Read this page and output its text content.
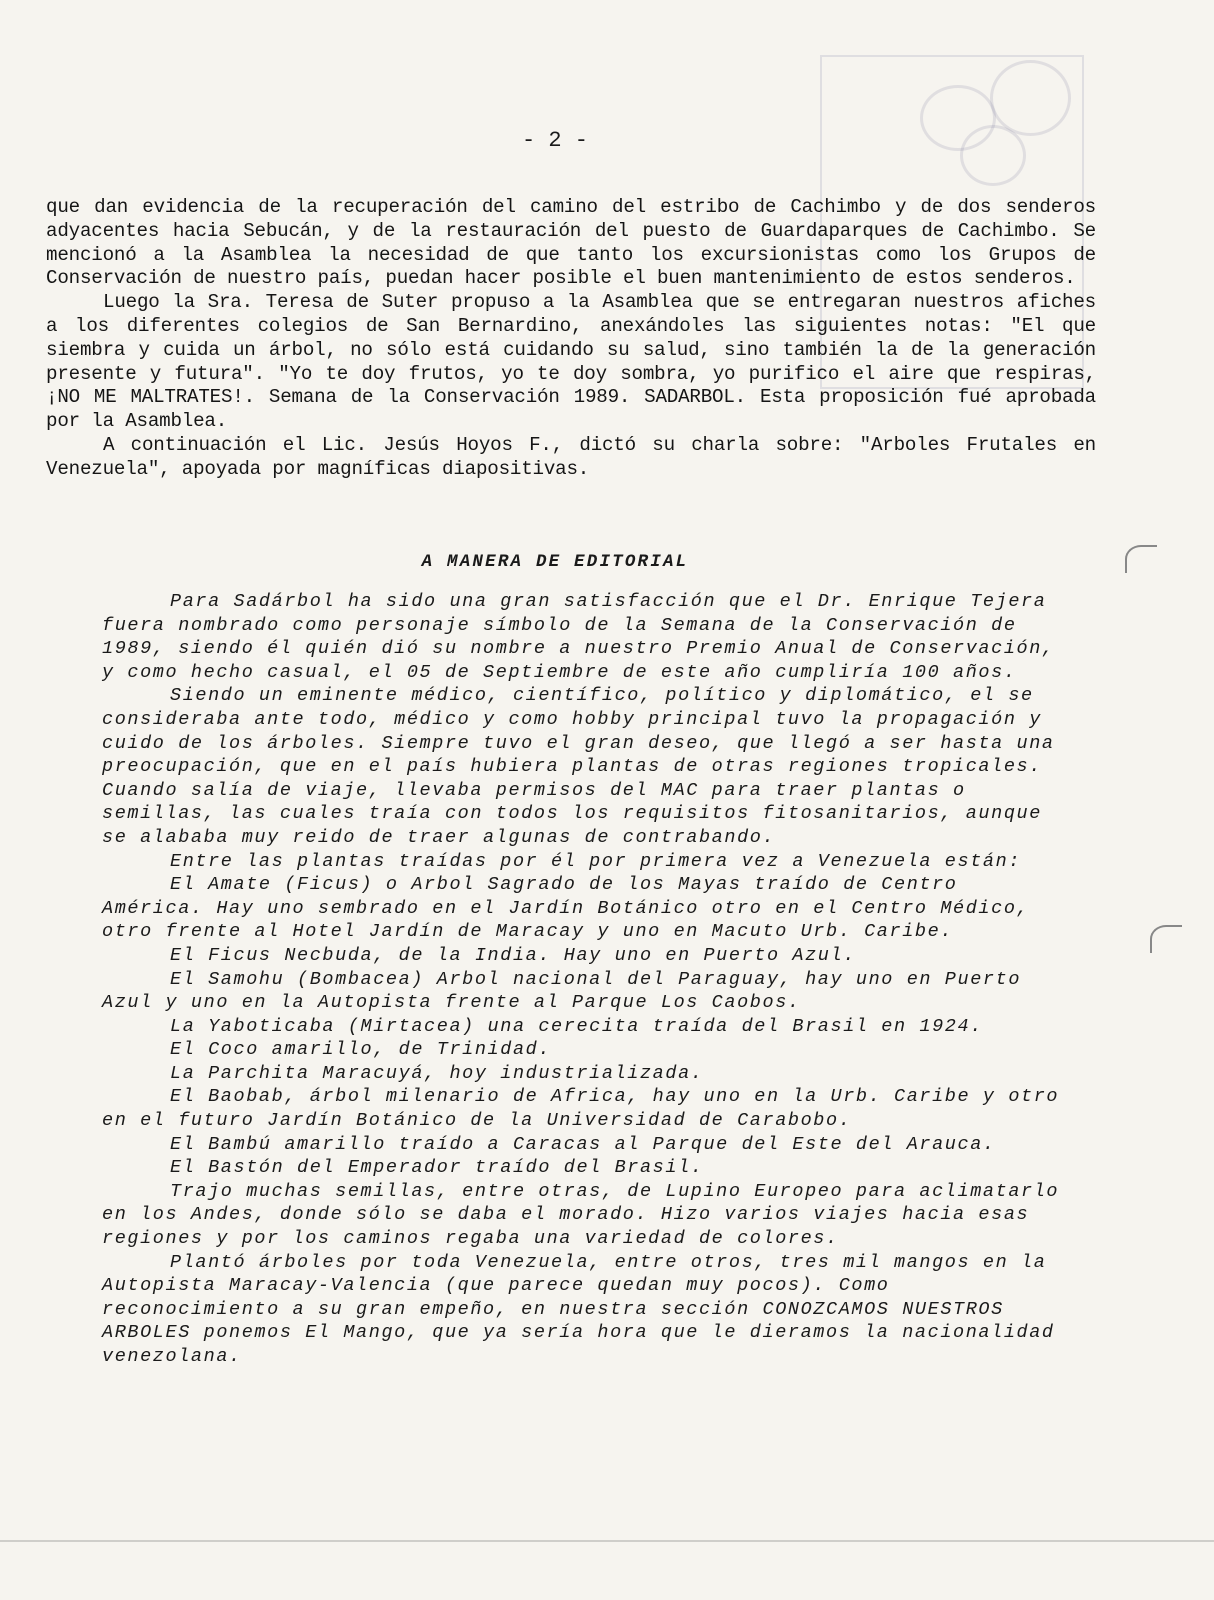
- 2 -

que dan evidencia de la recuperación del camino del estribo de Cachimbo y de dos senderos adyacentes hacia Sebucán, y de la restauración del puesto de Guardaparques de Cachimbo. Se mencionó a la Asamblea la necesidad de que tanto los excursionistas como los Grupos de Conservación de nuestro país, puedan hacer posible el buen mantenimiento de estos senderos.

Luego la Sra. Teresa de Suter propuso a la Asamblea que se entregaran nuestros afiches a los diferentes colegios de San Bernardino, anexándoles las siguientes notas: "El que siembra y cuida un árbol, no sólo está cuidando su salud, sino también la de la generación presente y futura". "Yo te doy frutos, yo te doy sombra, yo purifico el aire que respiras, ¡NO ME MALTRATES!. Semana de la Conservación 1989. SADARBOL. Esta proposición fué aprobada por la Asamblea.

A continuación el Lic. Jesús Hoyos F., dictó su charla sobre: "Arboles Frutales en Venezuela", apoyada por magníficas diapositivas.

A MANERA DE EDITORIAL

Para Sadárbol ha sido una gran satisfacción que el Dr. Enrique Tejera fuera nombrado como personaje símbolo de la Semana de la Conservación de 1989, siendo él quién dió su nombre a nuestro Premio Anual de Conservación, y como hecho casual, el 05 de Septiembre de este año cumpliría 100 años.

Siendo un eminente médico, científico, político y diplomático, el se consideraba ante todo, médico y como hobby principal tuvo la propagación y cuido de los árboles. Siempre tuvo el gran deseo, que llegó a ser hasta una preocupación, que en el país hubiera plantas de otras regiones tropicales. Cuando salía de viaje, llevaba permisos del MAC para traer plantas o semillas, las cuales traía con todos los requisitos fitosanitarios, aunque se alababa muy reido de traer algunas de contrabando.

Entre las plantas traídas por él por primera vez a Venezuela están:

El Amate (Ficus) o Arbol Sagrado de los Mayas traído de Centro América. Hay uno sembrado en el Jardín Botánico otro en el Centro Médico, otro frente al Hotel Jardín de Maracay y uno en Macuto Urb. Caribe.

El Ficus Necbuda, de la India. Hay uno en Puerto Azul.

El Samohu (Bombacea) Arbol nacional del Paraguay, hay uno en Puerto Azul y uno en la Autopista frente al Parque Los Caobos.

La Yaboticaba (Mirtacea) una cerecita traída del Brasil en 1924.

El Coco amarillo, de Trinidad.

La Parchita Maracuyá, hoy industrializada.

El Baobab, árbol milenario de Africa, hay uno en la Urb. Caribe y otro en el futuro Jardín Botánico de la Universidad de Carabobo.

El Bambú amarillo traído a Caracas al Parque del Este del Arauca.

El Bastón del Emperador traído del Brasil.

Trajo muchas semillas, entre otras, de Lupino Europeo para aclimatarlo en los Andes, donde sólo se daba el morado. Hizo varios viajes hacia esas regiones y por los caminos regaba una variedad de colores.

Plantó árboles por toda Venezuela, entre otros, tres mil mangos en la Autopista Maracay-Valencia (que parece quedan muy pocos). Como reconocimiento a su gran empeño, en nuestra sección CONOZCAMOS NUESTROS ARBOLES ponemos El Mango, que ya sería hora que le dieramos la nacionalidad venezolana.
